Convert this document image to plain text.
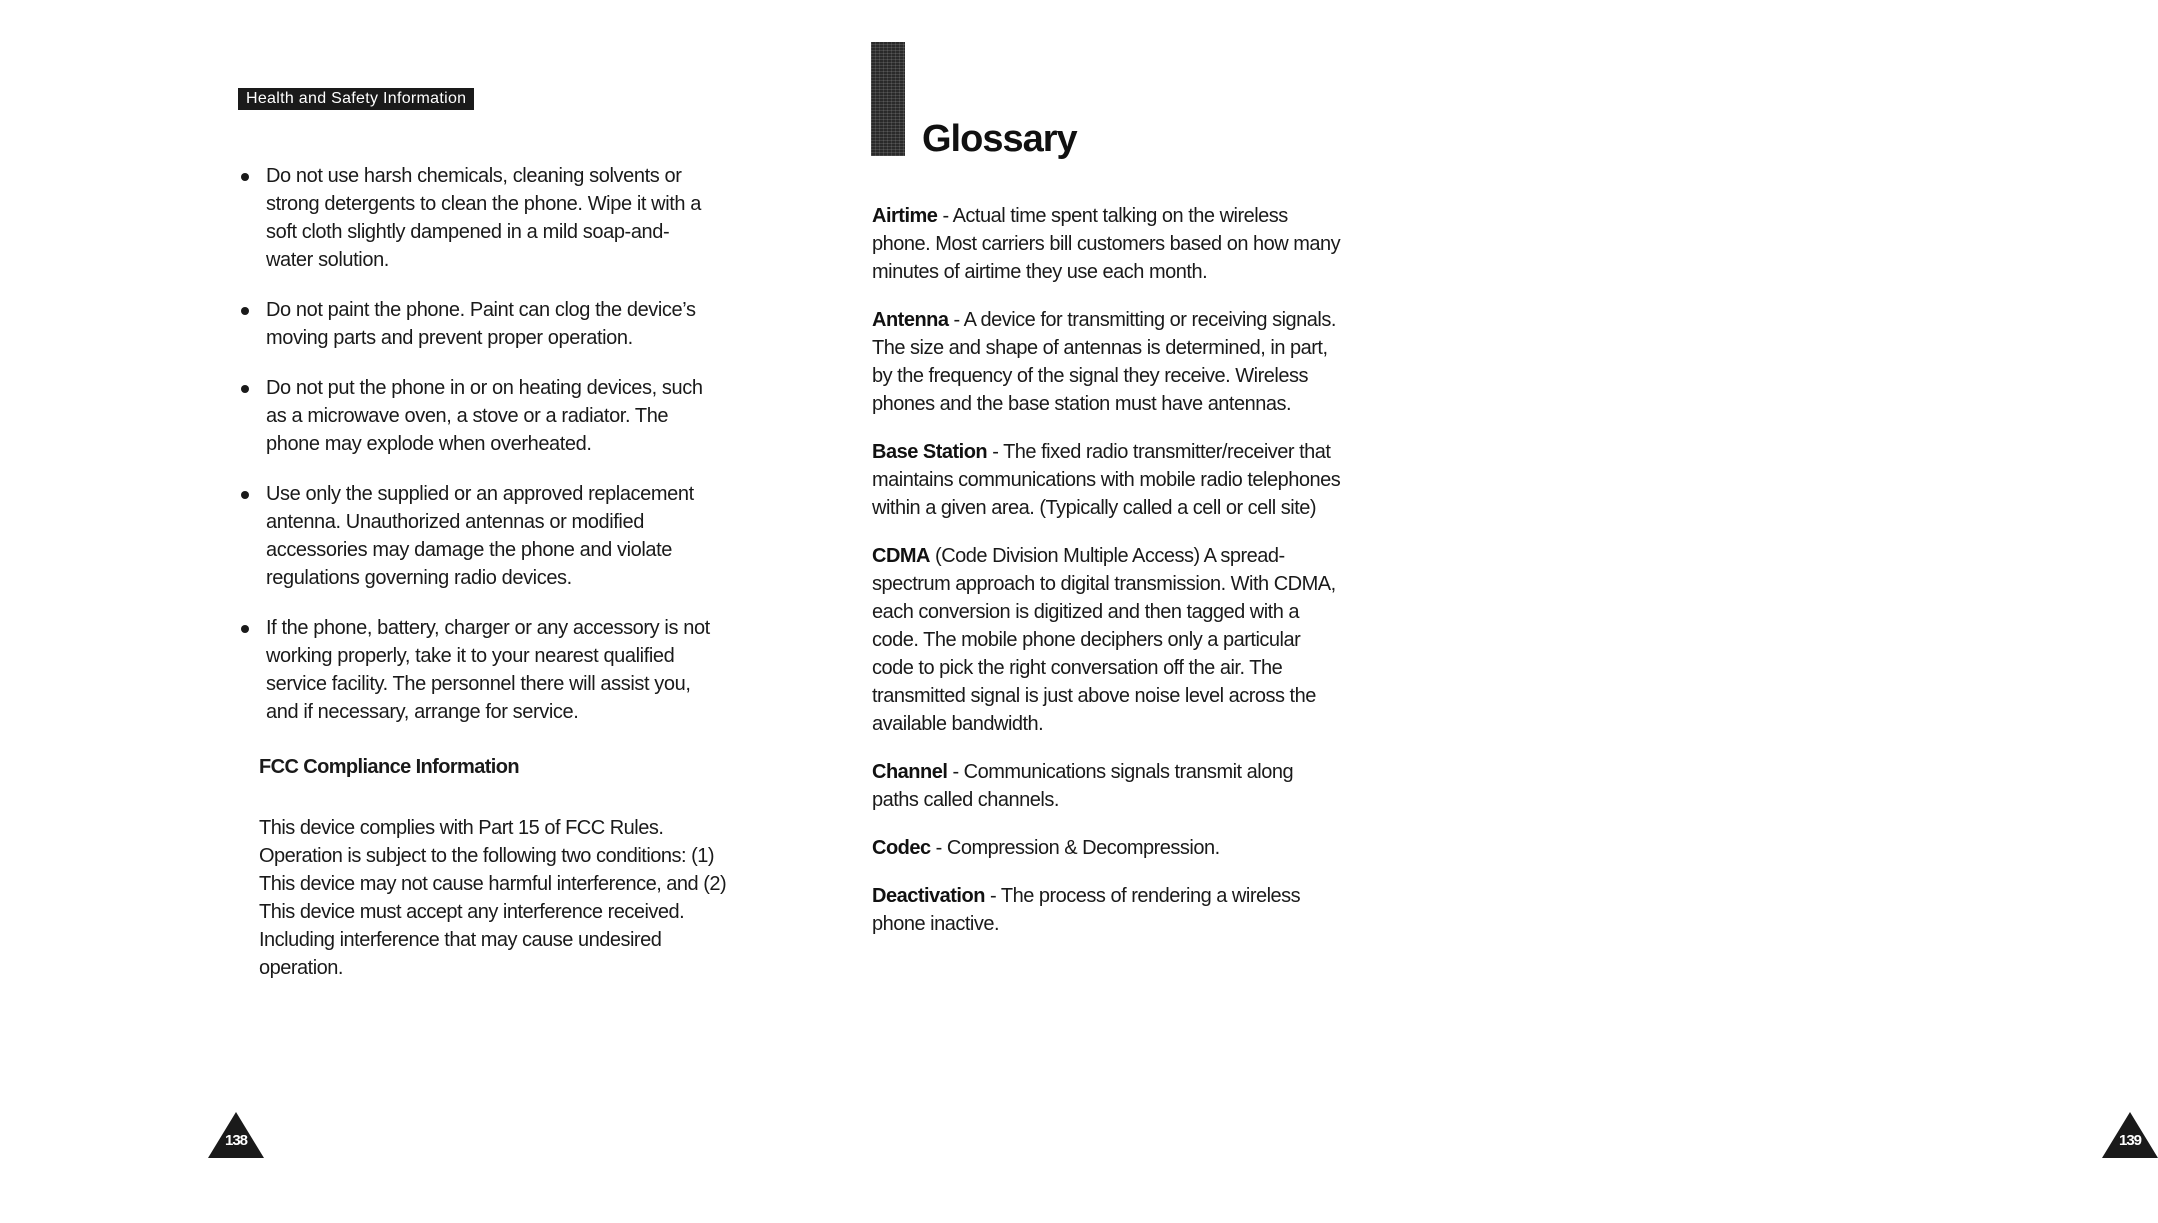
Health and Safety Information
Do not use harsh chemicals, cleaning solvents or strong detergents to clean the phone. Wipe it with a soft cloth slightly dampened in a mild soap-and-water solution.
Do not paint the phone. Paint can clog the device’s moving parts and prevent proper operation.
Do not put the phone in or on heating devices, such as a microwave oven, a stove or a radiator. The phone may explode when overheated.
Use only the supplied or an approved replacement antenna. Unauthorized antennas or modified accessories may damage the phone and violate regulations governing radio devices.
If the phone, battery, charger or any accessory is not working properly, take it to your nearest qualified service facility. The personnel there will assist you, and if necessary, arrange for service.
FCC Compliance Information

This device complies with Part 15 of FCC Rules. Operation is subject to the following two conditions: (1) This device may not cause harmful interference, and (2) This device must accept any interference received. Including interference that may cause undesired operation.

138
Glossary

Airtime - Actual time spent talking on the wireless phone. Most carriers bill customers based on how many minutes of airtime they use each month.

Antenna - A device for transmitting or receiving signals. The size and shape of antennas is determined, in part, by the frequency of the signal they receive. Wireless phones and the base station must have antennas.

Base Station - The fixed radio transmitter/receiver that maintains communications with mobile radio telephones within a given area. (Typically called a cell or cell site)

CDMA (Code Division Multiple Access) A spread-spectrum approach to digital transmission. With CDMA, each conversion is digitized and then tagged with a code. The mobile phone deciphers only a particular code to pick the right conversation off the air. The transmitted signal is just above noise level across the available bandwidth.

Channel - Communications signals transmit along paths called channels.

Codec - Compression & Decompression.

Deactivation - The process of rendering a wireless phone inactive.

139
